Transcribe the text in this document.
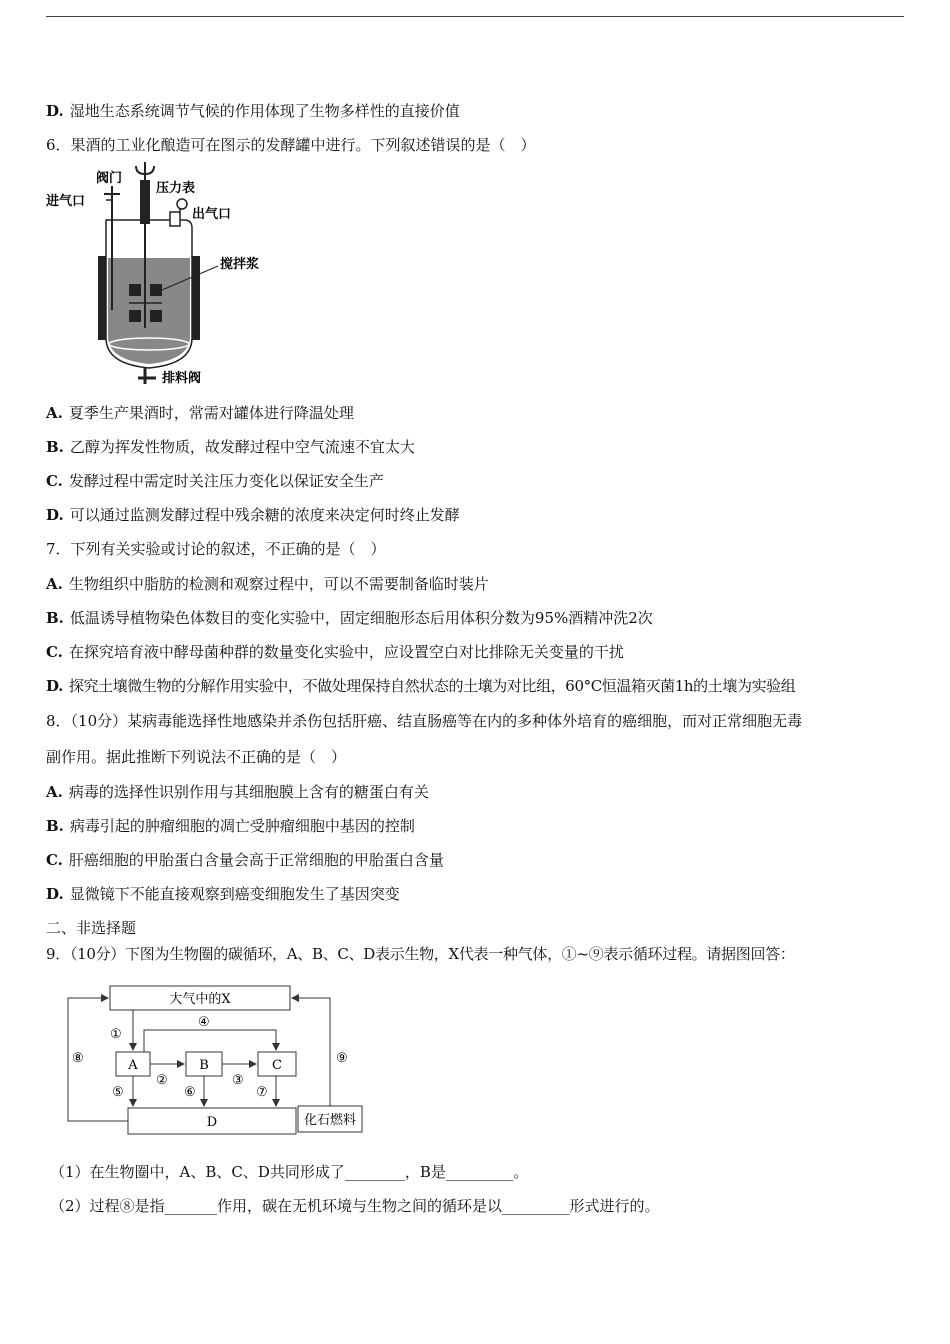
D. 湿地生态系统调节气候的作用体现了生物多样性的直接价值
6．果酒的工业化酿造可在图示的发酵罐中进行。下列叙述错误的是（　）
阀门
进气口
压力表
出气口
搅拌浆
排料阀
A. 夏季生产果酒时，常需对罐体进行降温处理
B. 乙醇为挥发性物质，故发酵过程中空气流速不宜太大
C. 发酵过程中需定时关注压力变化以保证安全生产
D. 可以通过监测发酵过程中残余糖的浓度来决定何时终止发酵
7．下列有关实验或讨论的叙述，不正确的是（　）
A. 生物组织中脂肪的检测和观察过程中，可以不需要制备临时装片
B. 低温诱导植物染色体数目的变化实验中，固定细胞形态后用体积分数为95%酒精冲洗2次
C. 在探究培育液中酵母菌种群的数量变化实验中，应设置空白对比排除无关变量的干扰
D. 探究土壤微生物的分解作用实验中，不做处理保持自然状态的土壤为对比组，60°C恒温箱灭菌1h的土壤为实验组
8．（10分）某病毒能选择性地感染并杀伤包括肝癌、结直肠癌等在内的多种体外培育的癌细胞，而对正常细胞无毒
副作用。据此推断下列说法不正确的是（　）
A. 病毒的选择性识别作用与其细胞膜上含有的糖蛋白有关
B. 病毒引起的肿瘤细胞的凋亡受肿瘤细胞中基因的控制
C. 肝癌细胞的甲胎蛋白含量会高于正常细胞的甲胎蛋白含量
D. 显微镜下不能直接观察到癌变细胞发生了基因突变
二、非选择题
9．（10分）下图为生物圈的碳循环，A、B、C、D表示生物，X代表一种气体，①~⑨表示循环过程。请据图回答：
大气中的X
A	B	C
D	化石燃料
①
④
②	③
⑤	⑥	⑦
⑧	⑨
（1）在生物圈中，A、B、C、D共同形成了________，B是_________。
（2）过程⑧是指_______作用，碳在无机环境与生物之间的循环是以_________形式进行的。
